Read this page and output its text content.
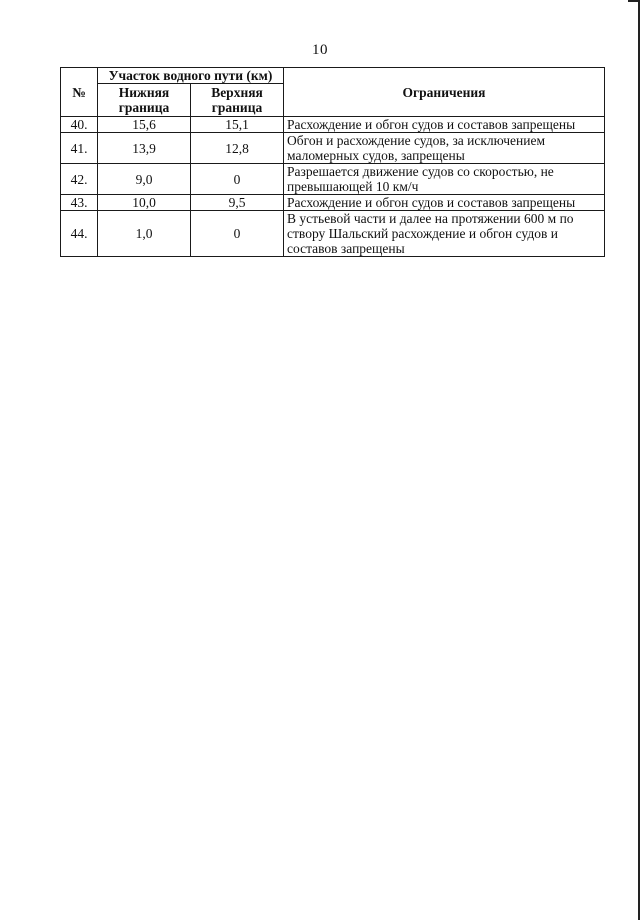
10
№	Участок водного пути (км)		Ограничения
	Нижняя граница	Верхняя граница	
40.	15,6	15,1	Расхождение и обгон судов и составов запрещены
41.	13,9	12,8	Обгон и расхождение судов, за исключением маломерных судов, запрещены
42.	9,0	0	Разрешается движение судов со скоростью, не превышающей 10 км/ч
43.	10,0	9,5	Расхождение и обгон судов и составов запрещены
44.	1,0	0	В устьевой части и далее на протяжении 600 м по створу Шальский расхождение и обгон судов и составов запрещены
